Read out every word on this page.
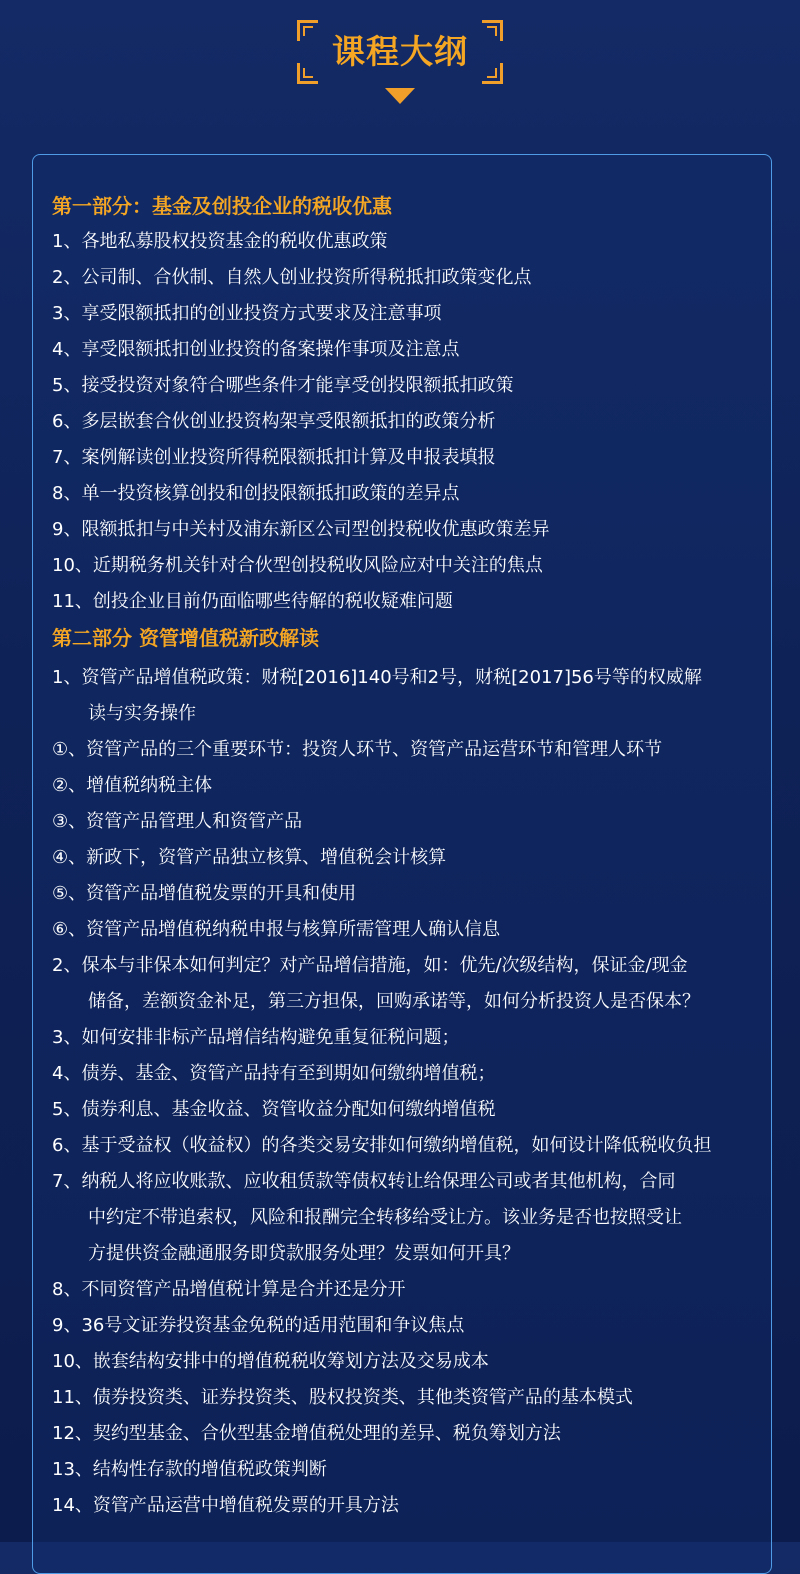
课程大纲

第一部分：基金及创投企业的税收优惠

1、各地私募股权投资基金的税收优惠政策

2、公司制、合伙制、自然人创业投资所得税抵扣政策变化点

3、享受限额抵扣的创业投资方式要求及注意事项

4、享受限额抵扣创业投资的备案操作事项及注意点

5、接受投资对象符合哪些条件才能享受创投限额抵扣政策

6、多层嵌套合伙创业投资构架享受限额抵扣的政策分析

7、案例解读创业投资所得税限额抵扣计算及申报表填报

8、单一投资核算创投和创投限额抵扣政策的差异点

9、限额抵扣与中关村及浦东新区公司型创投税收优惠政策差异

10、近期税务机关针对合伙型创投税收风险应对中关注的焦点

11、创投企业目前仍面临哪些待解的税收疑难问题

第二部分 资管增值税新政解读

1、资管产品增值税政策：财税[2016]140号和2号，财税[2017]56号等的权威解

读与实务操作

①、资管产品的三个重要环节：投资人环节、资管产品运营环节和管理人环节

②、增值税纳税主体

③、资管产品管理人和资管产品

④、新政下，资管产品独立核算、增值税会计核算

⑤、资管产品增值税发票的开具和使用

⑥、资管产品增值税纳税申报与核算所需管理人确认信息

2、保本与非保本如何判定？对产品增信措施，如：优先/次级结构，保证金/现金

储备，差额资金补足，第三方担保，回购承诺等，如何分析投资人是否保本？

3、如何安排非标产品增信结构避免重复征税问题；

4、债券、基金、资管产品持有至到期如何缴纳增值税；

5、债券利息、基金收益、资管收益分配如何缴纳增值税

6、基于受益权（收益权）的各类交易安排如何缴纳增值税，如何设计降低税收负担

7、纳税人将应收账款、应收租赁款等债权转让给保理公司或者其他机构，合同

中约定不带追索权，风险和报酬完全转移给受让方。该业务是否也按照受让

方提供资金融通服务即贷款服务处理？发票如何开具？

8、不同资管产品增值税计算是合并还是分开

9、36号文证券投资基金免税的适用范围和争议焦点

10、嵌套结构安排中的增值税税收筹划方法及交易成本

11、债券投资类、证券投资类、股权投资类、其他类资管产品的基本模式

12、契约型基金、合伙型基金增值税处理的差异、税负筹划方法

13、结构性存款的增值税政策判断

14、资管产品运营中增值税发票的开具方法
